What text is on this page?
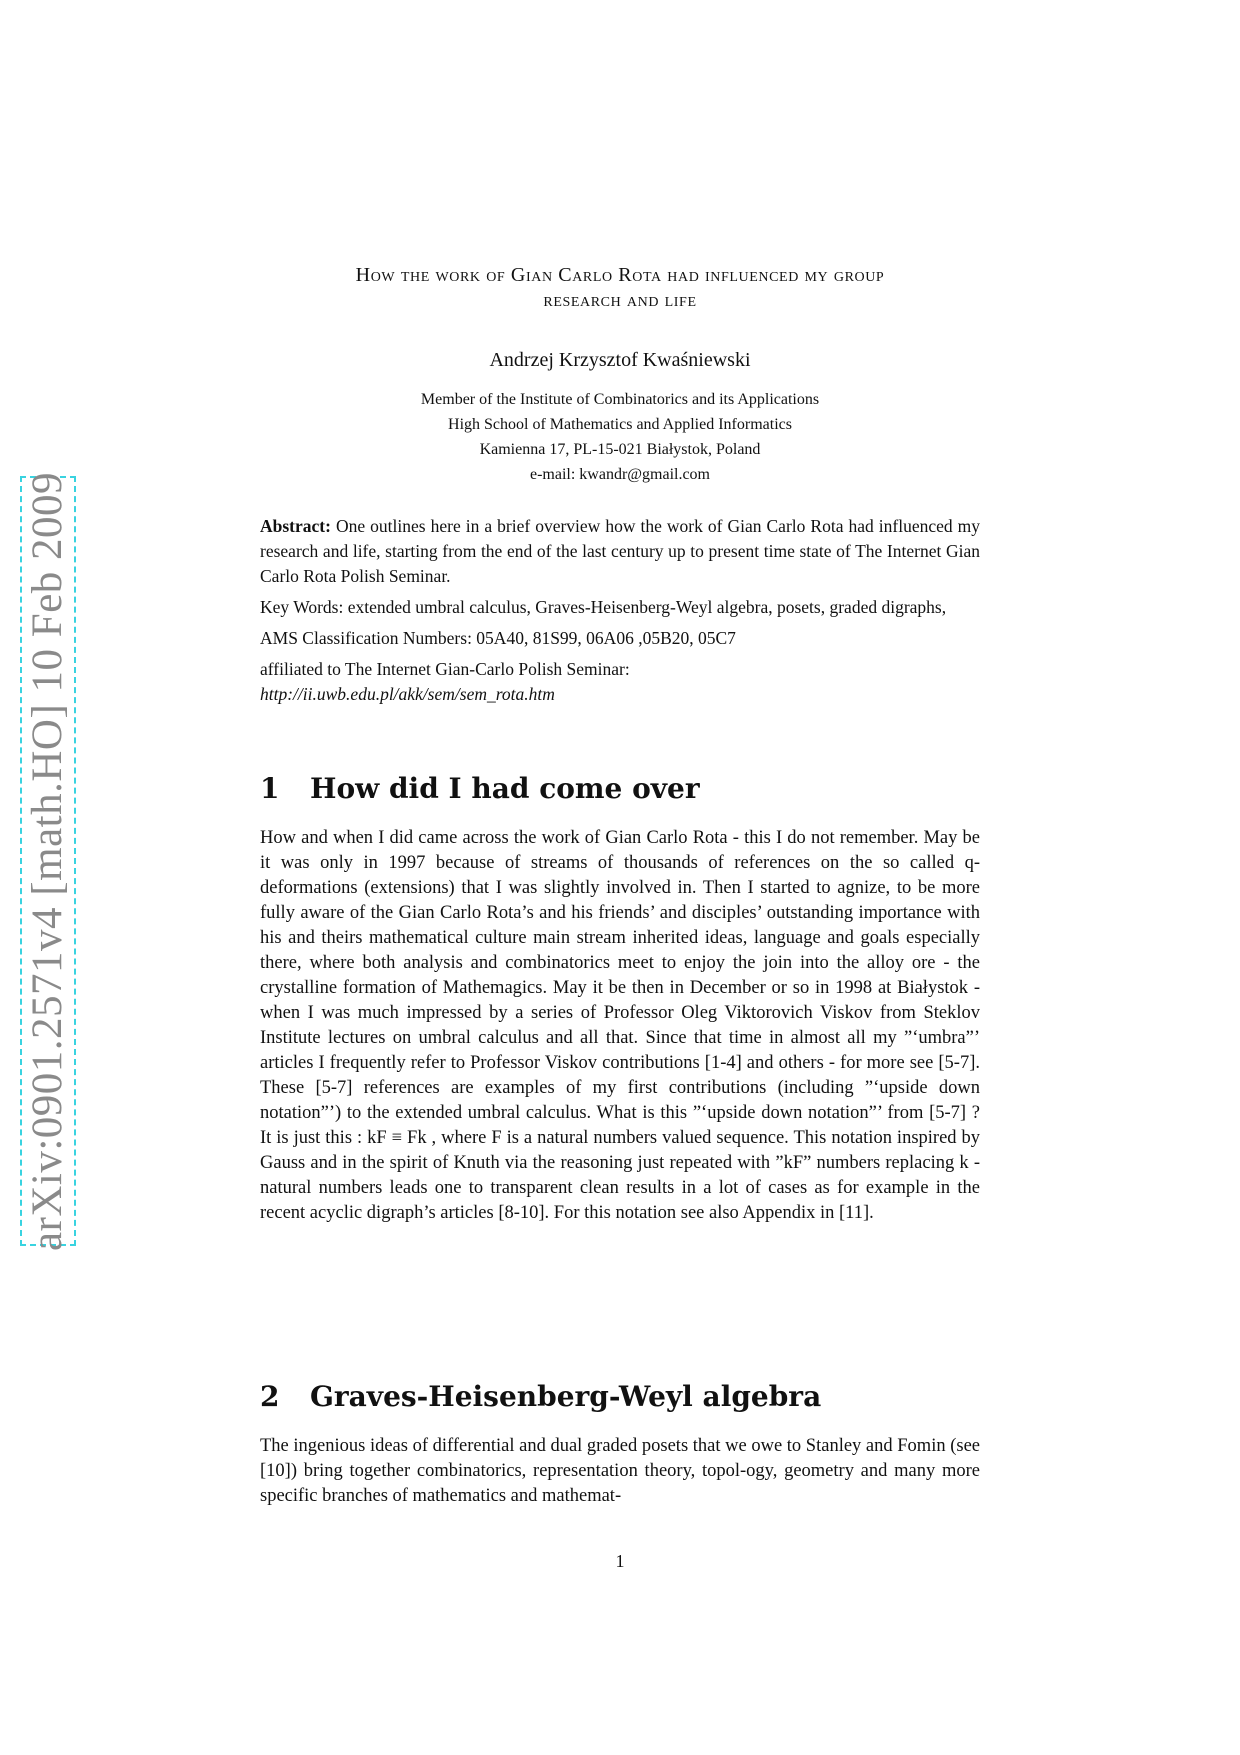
arXiv:0901.2571v4 [math.HO] 10 Feb 2009
How the work of Gian Carlo Rota had influenced my group
research and life
Andrzej Krzysztof Kwaśniewski
Member of the Institute of Combinatorics and its Applications
High School of Mathematics and Applied Informatics
Kamienna 17, PL-15-021 Białystok, Poland
e-mail: kwandr@gmail.com

Abstract: One outlines here in a brief overview how the work of Gian Carlo Rota had influenced my research and life, starting from the end of the last century up to present time state of The Internet Gian Carlo Rota Polish Seminar.

Key Words: extended umbral calculus, Graves-Heisenberg-Weyl algebra, posets, graded digraphs,

AMS Classification Numbers: 05A40, 81S99, 06A06 ,05B20, 05C7

affiliated to The Internet Gian-Carlo Polish Seminar:
http://ii.uwb.edu.pl/akk/sem/sem_rota.htm

1 How did I had come over

How and when I did came across the work of Gian Carlo Rota - this I do not remember. May be it was only in 1997 because of streams of thousands of references on the so called q-deformations (extensions) that I was slightly involved in. Then I started to agnize, to be more fully aware of the Gian Carlo Rota’s and his friends’ and disciples’ outstanding importance with his and theirs mathematical culture main stream inherited ideas, language and goals especially there, where both analysis and combinatorics meet to enjoy the join into the alloy ore - the crystalline formation of Mathemagics. May it be then in December or so in 1998 at Białystok - when I was much impressed by a series of Professor Oleg Viktorovich Viskov from Steklov Institute lectures on umbral calculus and all that. Since that time in almost all my ”‘umbra”’ articles I frequently refer to Professor Viskov contributions [1-4] and others - for more see [5-7]. These [5-7] references are examples of my first contributions (including ”‘upside down notation”’) to the extended umbral calculus. What is this ”‘upside down notation”’ from [5-7] ? It is just this : kF ≡ Fk , where F is a natural numbers valued sequence. This notation inspired by Gauss and in the spirit of Knuth via the reasoning just repeated with ”kF” numbers replacing k - natural numbers leads one to transparent clean results in a lot of cases as for example in the recent acyclic digraph’s articles [8-10]. For this notation see also Appendix in [11].

2 Graves-Heisenberg-Weyl algebra

The ingenious ideas of differential and dual graded posets that we owe to Stanley and Fomin (see [10]) bring together combinatorics, representation theory, topol-ogy, geometry and many more specific branches of mathematics and mathemat-

1
